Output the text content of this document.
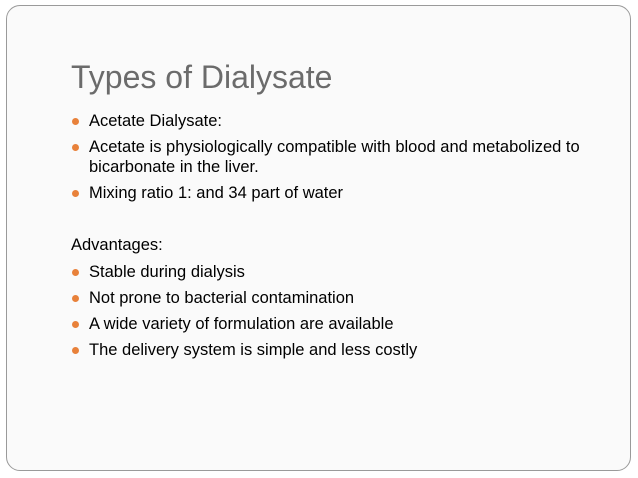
Types of Dialysate
Acetate Dialysate:
Acetate is physiologically compatible with blood and metabolized to bicarbonate in the liver.
Mixing ratio 1: and 34 part of water

Advantages:

Stable during dialysis
Not prone to bacterial contamination
A wide variety of formulation are available
The delivery system is simple and less costly
